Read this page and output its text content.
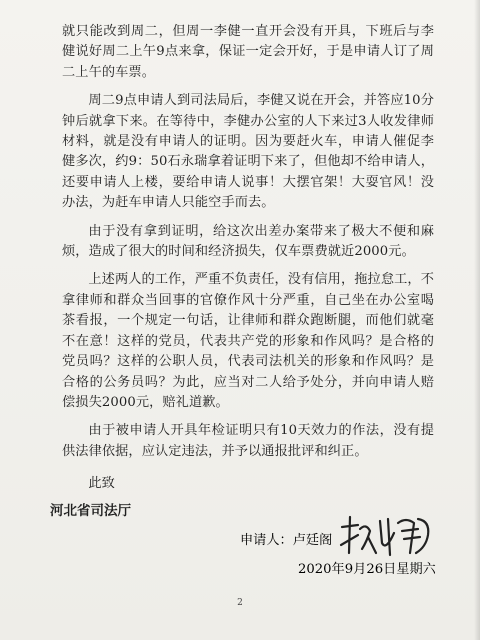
就只能改到周二，但周一李健一直开会没有开具，下班后与李健说好周二上午9点来拿，保证一定会开好，于是申请人订了周二上午的车票。

周二9点申请人到司法局后，李健又说在开会，并答应10分钟后就拿下来。在等待中，李健办公室的人下来过3人收发律师材料，就是没有申请人的证明。因为要赶火车，申请人催促李健多次，约9：50石永瑞拿着证明下来了，但他却不给申请人，还要申请人上楼，要给申请人说事！大摆官架！大耍官风！没办法，为赶车申请人只能空手而去。

由于没有拿到证明，给这次出差办案带来了极大不便和麻烦，造成了很大的时间和经济损失，仅车票费就近2000元。

上述两人的工作，严重不负责任，没有信用，拖拉怠工，不拿律师和群众当回事的官僚作风十分严重，自己坐在办公室喝茶看报，一个规定一句话，让律师和群众跑断腿，而他们就毫不在意！这样的党员，代表共产党的形象和作风吗？是合格的党员吗？这样的公职人员，代表司法机关的形象和作风吗？是合格的公务员吗？为此，应当对二人给予处分，并向申请人赔偿损失2000元，赔礼道歉。

由于被申请人开具年检证明只有10天效力的作法，没有提供法律依据，应认定违法，并予以通报批评和纠正。

此致
河北省司法厅
申请人：卢廷阁
2020年9月26日星期六
2
